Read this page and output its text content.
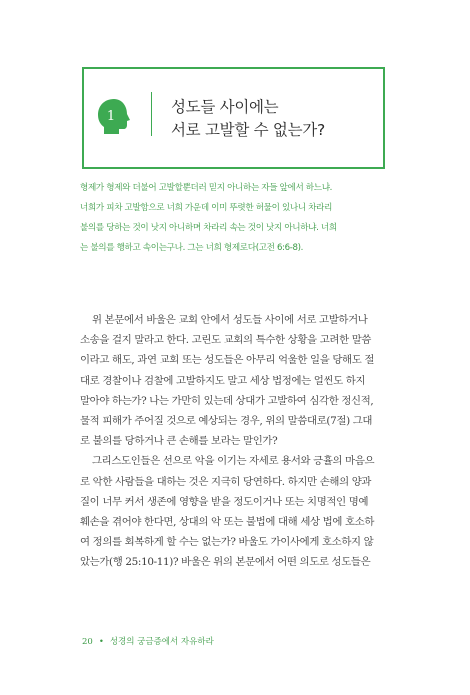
1
성도들 사이에는
서로 고발할 수 없는가?
형제가 형제와 더불어 고발할뿐더러 믿지 아니하는 자들 앞에서 하느냐.
너희가 피차 고발함으로 너희 가운데 이미 뚜렷한 허물이 있나니 차라리
불의를 당하는 것이 낫지 아니하며 차라리 속는 것이 낫지 아니하냐. 너희
는 불의를 행하고 속이는구나. 그는 너희 형제로다(고전 6:6-8).
위 본문에서 바울은 교회 안에서 성도들 사이에 서로 고발하거나
소송을 걸지 말라고 한다. 고린도 교회의 특수한 상황을 고려한 말씀
이라고 해도, 과연 교회 또는 성도들은 아무리 억울한 일을 당해도 절
대로 경찰이나 검찰에 고발하지도 말고 세상 법정에는 얼씬도 하지
말아야 하는가? 나는 가만히 있는데 상대가 고발하여 심각한 정신적,
물적 피해가 주어질 것으로 예상되는 경우, 위의 말씀대로(7절) 그대
로 불의를 당하거나 큰 손해를 보라는 말인가?
그리스도인들은 선으로 악을 이기는 자세로 용서와 긍휼의 마음으
로 악한 사람들을 대하는 것은 지극히 당연하다. 하지만 손해의 양과
질이 너무 커서 생존에 영향을 받을 정도이거나 또는 치명적인 명예
훼손을 겪어야 한다면, 상대의 악 또는 불법에 대해 세상 법에 호소하
여 정의를 회복하게 할 수는 없는가? 바울도 가이사에게 호소하지 않
았는가(행 25:10-11)? 바울은 위의 본문에서 어떤 의도로 성도들은
20 • 성경의 궁금증에서 자유하라
